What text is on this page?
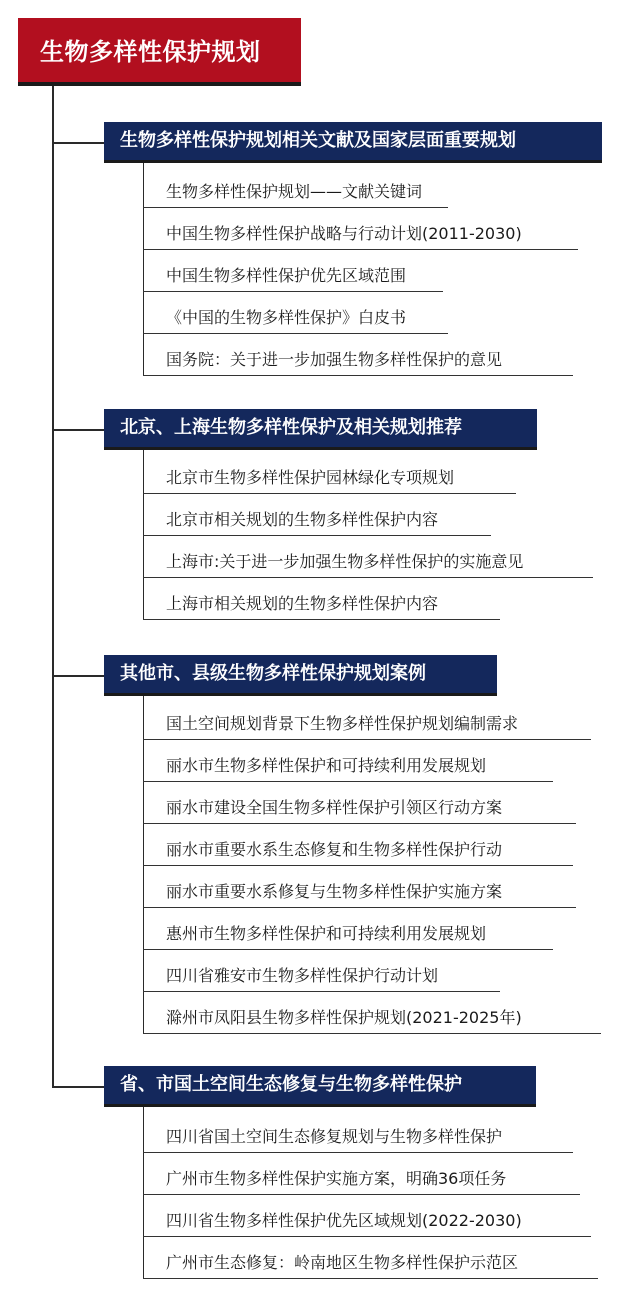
生物多样性保护规划
生物多样性保护规划相关文献及国家层面重要规划
生物多样性保护规划——文献关键词
中国生物多样性保护战略与行动计划(2011-2030)
中国生物多样性保护优先区域范围
《中国的生物多样性保护》白皮书
国务院：关于进一步加强生物多样性保护的意见
北京、上海生物多样性保护及相关规划推荐
北京市生物多样性保护园林绿化专项规划
北京市相关规划的生物多样性保护内容
上海市:关于进一步加强生物多样性保护的实施意见
上海市相关规划的生物多样性保护内容
其他市、县级生物多样性保护规划案例
国土空间规划背景下生物多样性保护规划编制需求
丽水市生物多样性保护和可持续利用发展规划
丽水市建设全国生物多样性保护引领区行动方案
丽水市重要水系生态修复和生物多样性保护行动
丽水市重要水系修复与生物多样性保护实施方案
惠州市生物多样性保护和可持续利用发展规划
四川省雅安市生物多样性保护行动计划
滁州市凤阳县生物多样性保护规划(2021-2025年)
省、市国土空间生态修复与生物多样性保护
四川省国土空间生态修复规划与生物多样性保护
广州市生物多样性保护实施方案，明确36项任务
四川省生物多样性保护优先区域规划(2022-2030)
广州市生态修复：岭南地区生物多样性保护示范区
